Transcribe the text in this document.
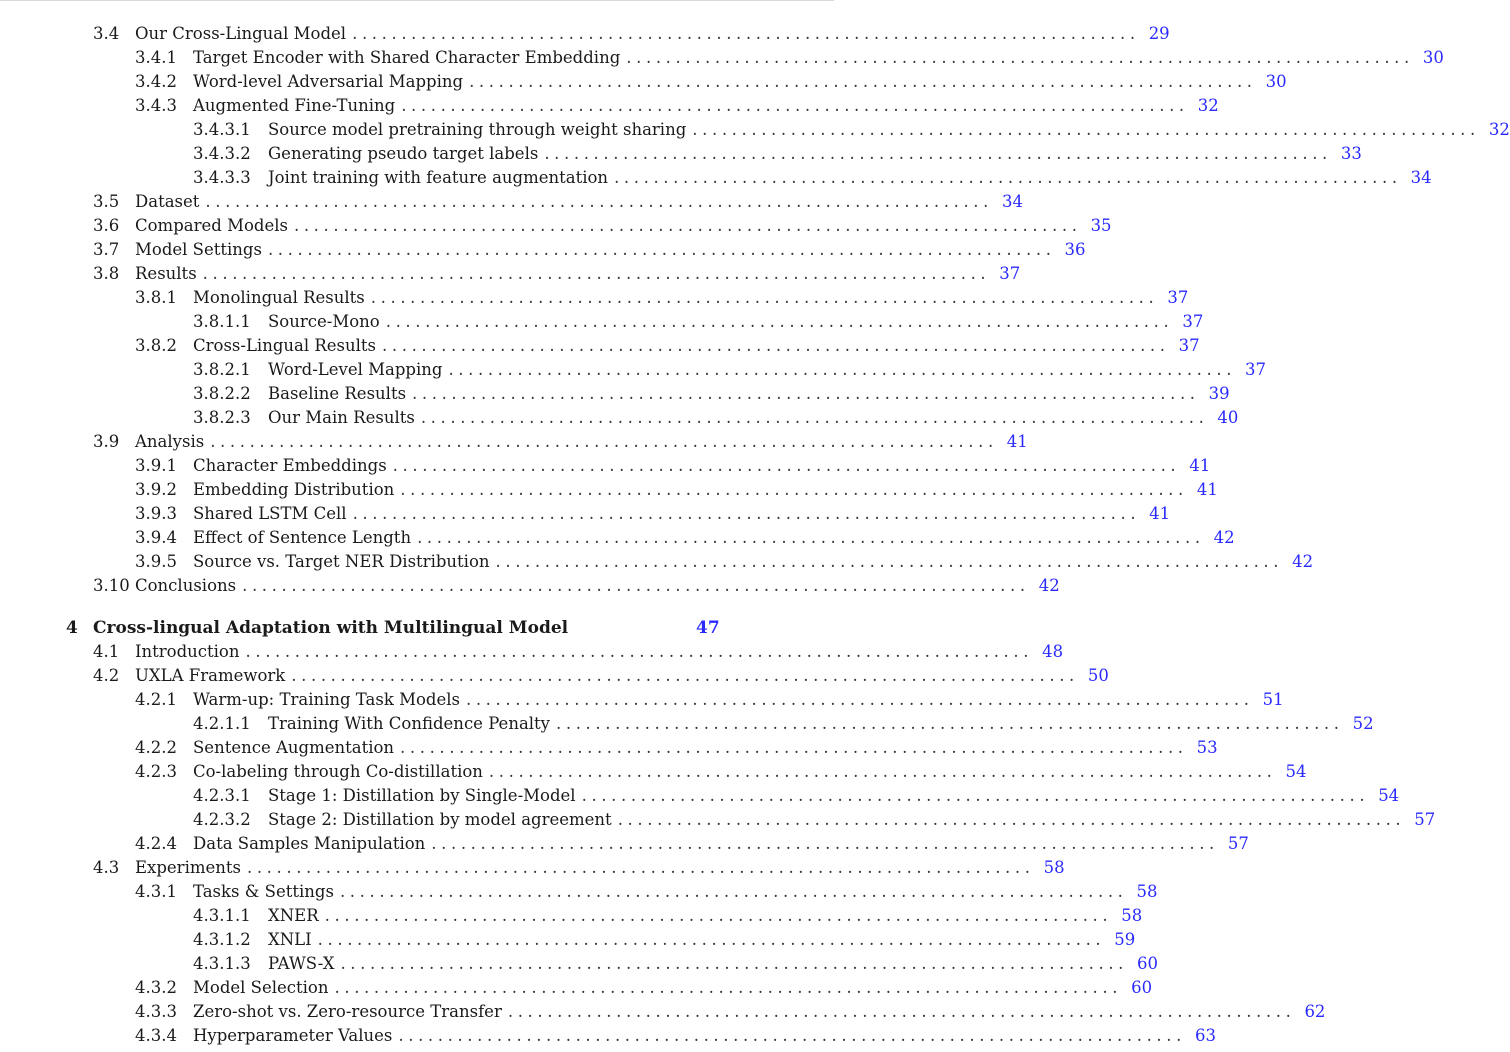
3.4 Our Cross-Lingual Model ................................................................................ 29
3.4.1 Target Encoder with Shared Character Embedding ................................................................................ 30
3.4.2 Word-level Adversarial Mapping ................................................................................ 30
3.4.3 Augmented Fine-Tuning ................................................................................ 32
3.4.3.1	Source model pretraining through weight sharing ................................................................................ 32
3.4.3.2	Generating pseudo target labels ................................................................................ 33
3.4.3.3	Joint training with feature augmentation ................................................................................ 34
3.5 Dataset ................................................................................ 34
3.6 Compared Models ................................................................................ 35
3.7 Model Settings ................................................................................ 36
3.8 Results ................................................................................ 37
3.8.1 Monolingual Results ................................................................................ 37
3.8.1.1	Source-Mono ................................................................................ 37
3.8.2 Cross-Lingual Results ................................................................................ 37
3.8.2.1	Word-Level Mapping ................................................................................ 37
3.8.2.2	Baseline Results ................................................................................ 39
3.8.2.3	Our Main Results ................................................................................ 40
3.9 Analysis ................................................................................ 41
3.9.1 Character Embeddings ................................................................................ 41
3.9.2 Embedding Distribution ................................................................................ 41
3.9.3 Shared LSTM Cell ................................................................................ 41
3.9.4 Effect of Sentence Length ................................................................................ 42
3.9.5 Source vs. Target NER Distribution ................................................................................ 42
3.10 Conclusions ................................................................................ 42
4 Cross-lingual Adaptation with Multilingual Model	47
4.1 Introduction ................................................................................ 48
4.2 UXLA Framework ................................................................................ 50
4.2.1 Warm-up: Training Task Models ................................................................................ 51
4.2.1.1	Training With Confidence Penalty ................................................................................ 52
4.2.2 Sentence Augmentation ................................................................................ 53
4.2.3 Co-labeling through Co-distillation ................................................................................ 54
4.2.3.1	Stage 1: Distillation by Single-Model ................................................................................ 54
4.2.3.2	Stage 2: Distillation by model agreement ................................................................................ 57
4.2.4 Data Samples Manipulation ................................................................................ 57
4.3 Experiments ................................................................................ 58
4.3.1 Tasks & Settings ................................................................................ 58
4.3.1.1	XNER ................................................................................ 58
4.3.1.2	XNLI ................................................................................ 59
4.3.1.3	PAWS-X ................................................................................ 60
4.3.2 Model Selection ................................................................................ 60
4.3.3 Zero-shot vs. Zero-resource Transfer ................................................................................ 62
4.3.4 Hyperparameter Values ................................................................................ 63
